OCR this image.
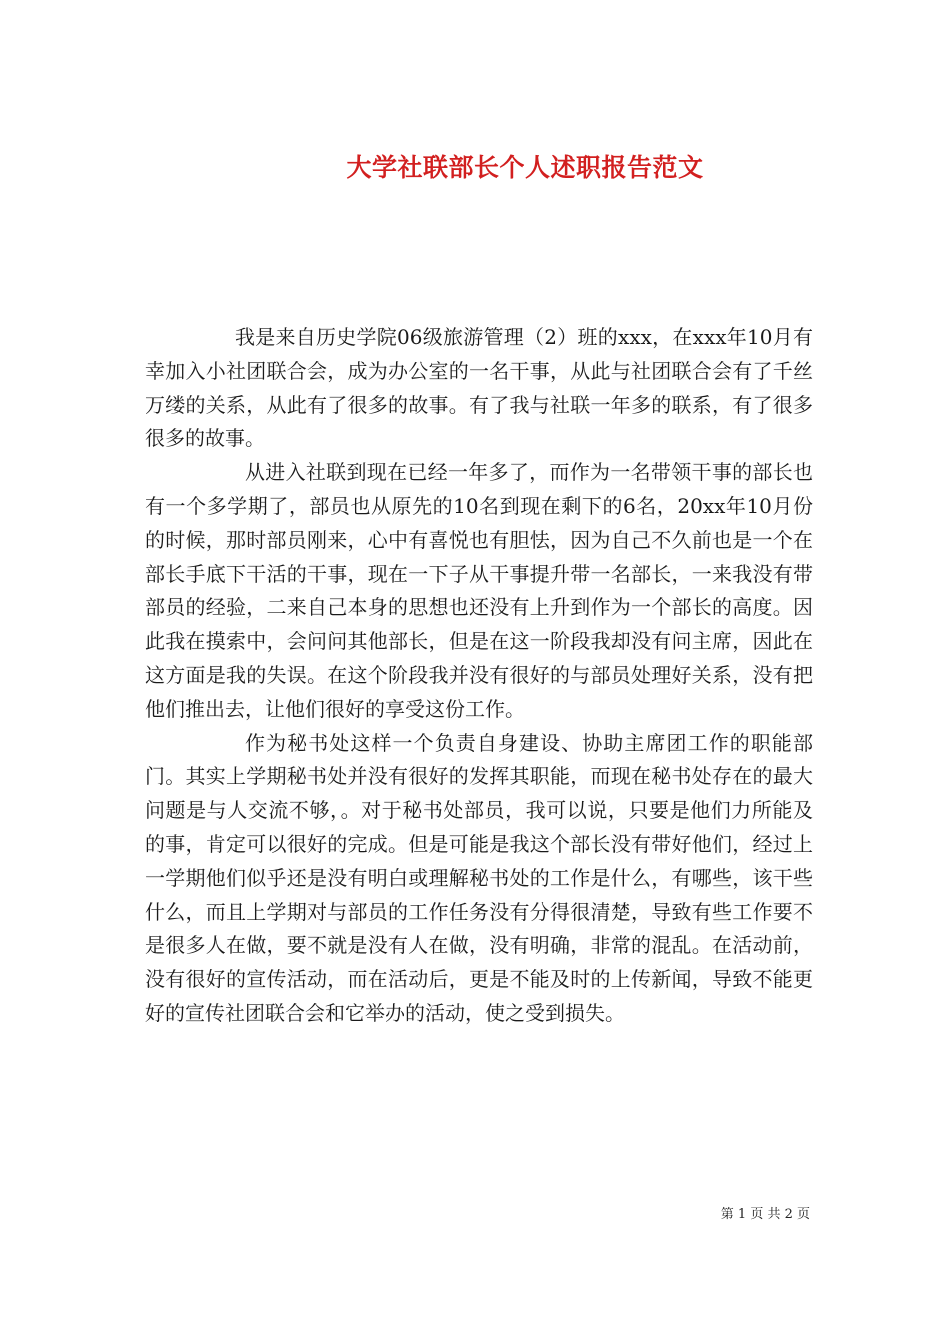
大学社联部长个人述职报告范文

我是来自历史学院06级旅游管理（2）班的xxx，在xxx年10月有幸加入小社团联合会，成为办公室的一名干事，从此与社团联合会有了千丝万缕的关系，从此有了很多的故事。有了我与社联一年多的联系，有了很多很多的故事。

从进入社联到现在已经一年多了，而作为一名带领干事的部长也有一个多学期了，部员也从原先的10名到现在剩下的6名，20xx年10月份的时候，那时部员刚来，心中有喜悦也有胆怯，因为自己不久前也是一个在部长手底下干活的干事，现在一下子从干事提升带一名部长，一来我没有带部员的经验，二来自己本身的思想也还没有上升到作为一个部长的高度。因此我在摸索中，会问问其他部长，但是在这一阶段我却没有问主席，因此在这方面是我的失误。在这个阶段我并没有很好的与部员处理好关系，没有把他们推出去，让他们很好的享受这份工作。

作为秘书处这样一个负责自身建设、协助主席团工作的职能部门。其实上学期秘书处并没有很好的发挥其职能，而现在秘书处存在的最大问题是与人交流不够，。对于秘书处部员，我可以说，只要是他们力所能及的事，肯定可以很好的完成。但是可能是我这个部长没有带好他们，经过上一学期他们似乎还是没有明白或理解秘书处的工作是什么，有哪些，该干些什么，而且上学期对与部员的工作任务没有分得很清楚，导致有些工作要不是很多人在做，要不就是没有人在做，没有明确，非常的混乱。在活动前，没有很好的宣传活动，而在活动后，更是不能及时的上传新闻，导致不能更好的宣传社团联合会和它举办的活动，使之受到损失。

第 1 页 共 2 页
